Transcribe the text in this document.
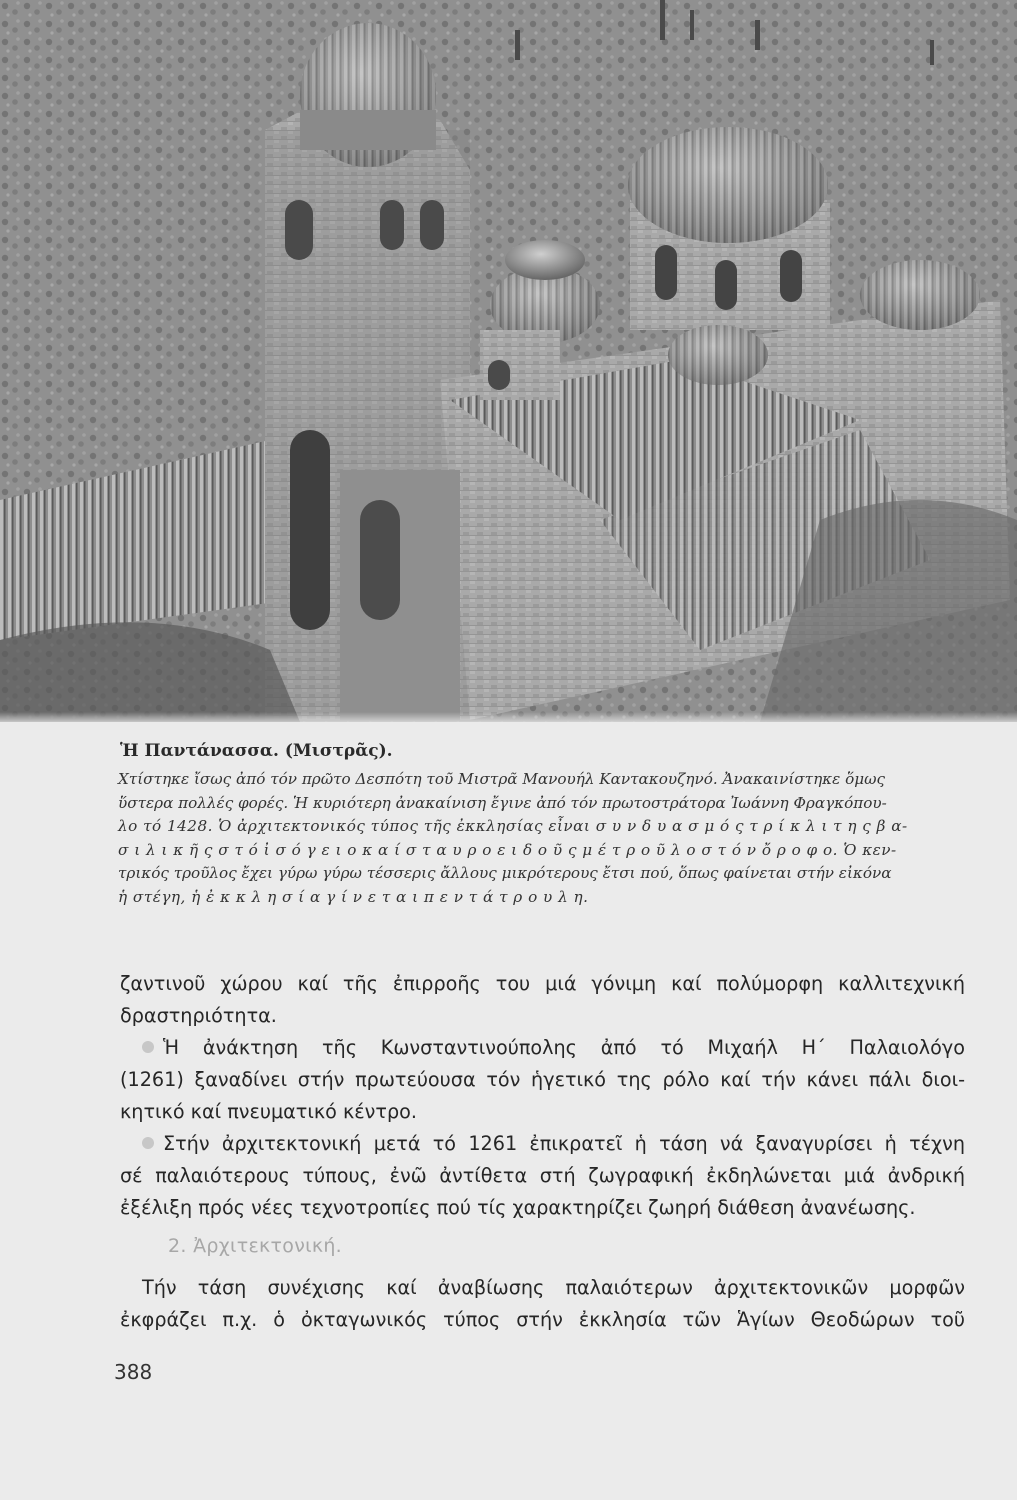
Ἡ Παντάνασσα. (Μιστρᾶς).

Χτίστηκε ἴσως ἀπό τόν πρῶτο Δεσπότη τοῦ Μιστρᾶ Μανουήλ Καντακουζηνό. Ἀνακαινίστηκε ὅμως

ὕστερα πολλές φορές. Ἡ κυριότερη ἀνακαίνιση ἔγινε ἀπό τόν πρωτοστράτορα Ἰωάννη Φραγκόπου-

λο τό 1428. Ὁ ἀρχιτεκτονικός τύπος τῆς ἐκκλησίας εἶναι σ υ ν δ υ α σ μ ό ς τ ρ ί κ λ ι τ η ς β α-

σ ι λ ι κ ῆ ς σ τ ό ἰ σ ό γ ε ι ο κ α ί σ τ α υ ρ ο ε ι δ ο ῦ ς μ έ τ ρ ο ῦ λ ο σ τ ό ν ὄ ρ ο φ ο. Ὁ κεν-

τρικός τροῦλος ἔχει γύρω γύρω τέσσερις ἄλλους μικρότερους ἔτσι πού, ὅπως φαίνεται στήν εἰκόνα

ἡ στέγη, ἡ ἐ κ κ λ η σ ί α γ ί ν ε τ α ι π ε ν τ ά τ ρ ο υ λ η.

ζαντινοῦ χώρου καί τῆς ἐπιρροῆς του μιά γόνιμη καί πολύμορφη καλλιτεχνική

δραστηριότητα.

Ἡ ἀνάκτηση τῆς Κωνσταντινούπολης ἀπό τό Μιχαήλ Η΄ Παλαιολόγο

(1261) ξαναδίνει στήν πρωτεύουσα τόν ἡγετικό της ρόλο καί τήν κάνει πάλι διοι-

κητικό καί πνευματικό κέντρο.

Στήν ἀρχιτεκτονική μετά τό 1261 ἐπικρατεῖ ἡ τάση νά ξαναγυρίσει ἡ τέχνη

σέ παλαιότερους τύπους, ἐνῶ ἀντίθετα στή ζωγραφική ἐκδηλώνεται μιά ἀνδρική

ἐξέλιξη πρός νέες τεχνοτροπίες πού τίς χαρακτηρίζει ζωηρή διάθεση ἀνανέωσης.

2. Ἀρχιτεκτονική.

Τήν τάση συνέχισης καί ἀναβίωσης παλαιότερων ἀρχιτεκτονικῶν μορφῶν

ἐκφράζει π.χ. ὁ ὀκταγωνικός τύπος στήν ἐκκλησία τῶν Ἁγίων Θεοδώρων τοῦ

388
